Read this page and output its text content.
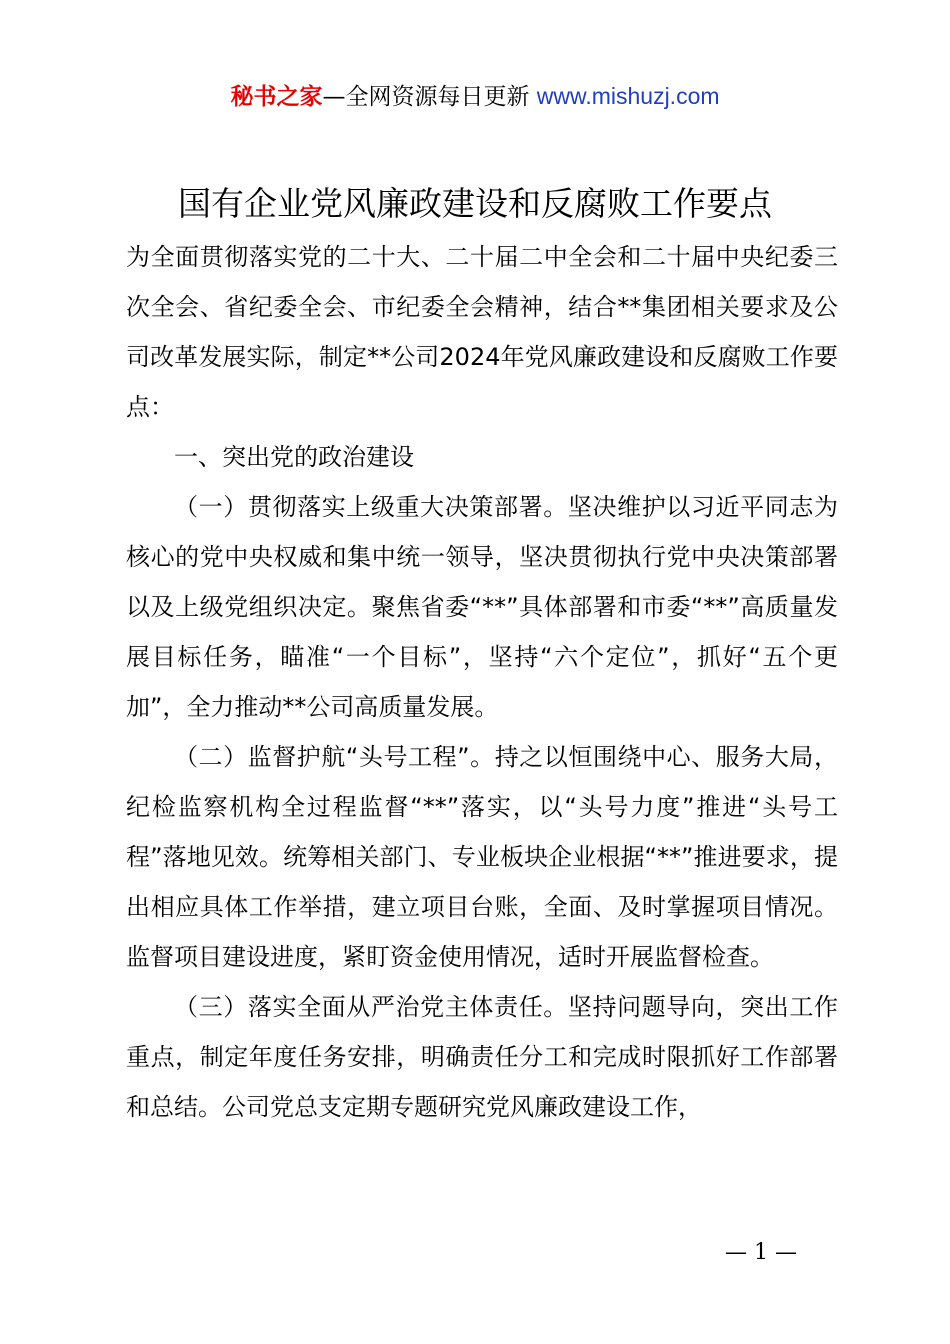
秘书之家—全网资源每日更新 www.mishuzj.com
国有企业党风廉政建设和反腐败工作要点

为全面贯彻落实党的二十大、二十届二中全会和二十届中央纪委三次全会、省纪委全会、市纪委全会精神，结合**集团相关要求及公司改革发展实际，制定**公司2024年党风廉政建设和反腐败工作要点：

一、突出党的政治建设

（一）贯彻落实上级重大决策部署。坚决维护以习近平同志为核心的党中央权威和集中统一领导，坚决贯彻执行党中央决策部署以及上级党组织决定。聚焦省委“**”具体部署和市委“**”高质量发展目标任务，瞄准“一个目标”，坚持“六个定位”，抓好“五个更加”，全力推动**公司高质量发展。

（二）监督护航“头号工程”。持之以恒围绕中心、服务大局，纪检监察机构全过程监督“**”落实，以“头号力度”推进“头号工程”落地见效。统筹相关部门、专业板块企业根据“**”推进要求，提出相应具体工作举措，建立项目台账，全面、及时掌握项目情况。监督项目建设进度，紧盯资金使用情况，适时开展监督检查。

（三）落实全面从严治党主体责任。坚持问题导向，突出工作重点，制定年度任务安排，明确责任分工和完成时限抓好工作部署和总结。公司党总支定期专题研究党风廉政建设工作，

— 1 —
